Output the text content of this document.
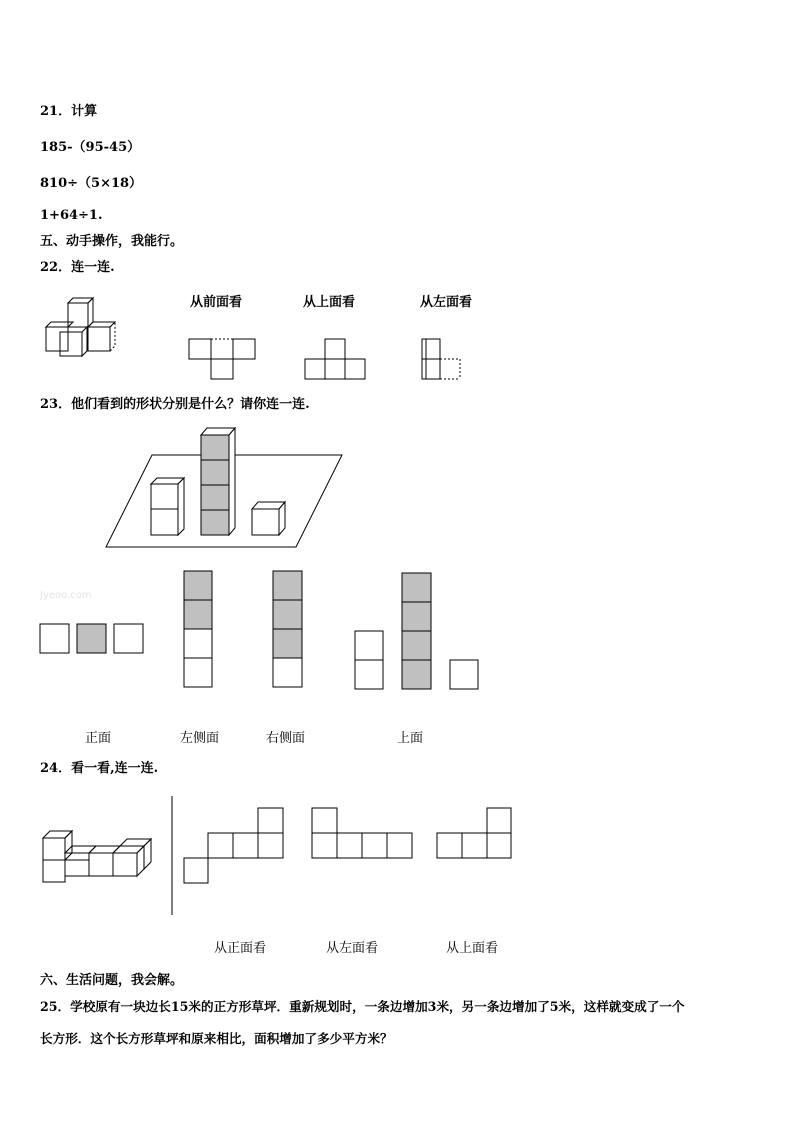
21．计算
185-（95-45）
810÷（5×18）
1+64÷1.
五、动手操作，我能行。
22．连一连.
从前面看	从上面看	从左面看
23．他们看到的形状分别是什么？请你连一连.
Jyeoo.com
正面	左侧面	右侧面	上面
24．看一看,连一连.
从正面看	从左面看	从上面看
六、生活问题，我会解。
25．学校原有一块边长15米的正方形草坪．重新规划时，一条边增加3米，另一条边增加了5米，这样就变成了一个
长方形．这个长方形草坪和原来相比，面积增加了多少平方米？
